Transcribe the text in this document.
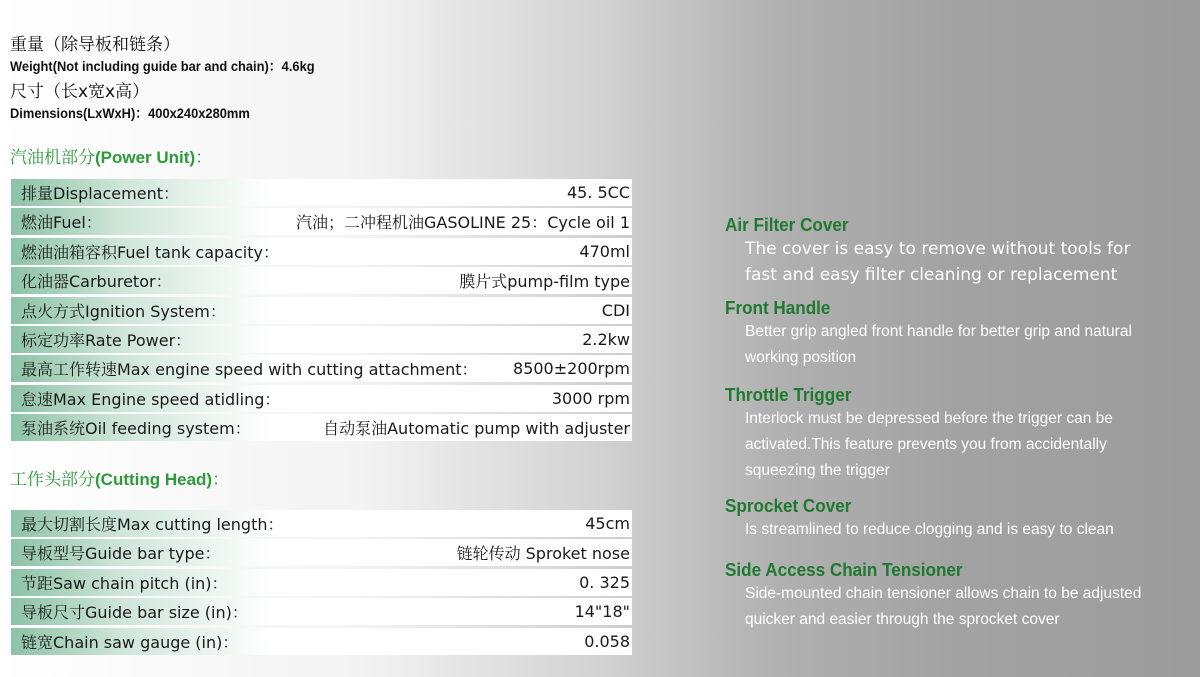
重量（除导板和链条）
Weight(Not including guide bar and chain)：4.6kg
尺寸（长x宽x高）
Dimensions(LxWxH)：400x240x280mm
汽油机部分(Power Unit)：
排量Displacement：	45. 5CC
燃油Fuel：	汽油；二冲程机油GASOLINE 25：Cycle oil 1
燃油油箱容积Fuel tank capacity：	470ml
化油器Carburetor：	膜片式pump-film type
点火方式Ignition System：	CDI
标定功率Rate Power：	2.2kw
最高工作转速Max engine speed with cutting attachment： 8500±200rpm
怠速Max Engine speed atidling：	3000 rpm
泵油系统Oil feeding system：	自动泵油Automatic pump with adjuster
工作头部分(Cutting Head)：
最大切割长度Max cutting length：	45cm
导板型号Guide bar type：	链轮传动 Sproket nose
节距Saw chain pitch (in)：	0. 325
导板尺寸Guide bar size (in)：	14"18"
链宽Chain saw gauge (in)：	0.058
Air Filter Cover
The cover is easy to remove without tools for
fast and easy filter cleaning or replacement
Front Handle
Better grip angled front handle for better grip and natural
working position
Throttle Trigger
Interlock must be depressed before the trigger can be
activated.This feature prevents you from accidentally
squeezing the trigger
Sprocket Cover
Is streamlined to reduce clogging and is easy to clean
Side Access Chain Tensioner
Side-mounted chain tensioner allows chain to be adjusted
quicker and easier through the sprocket cover
